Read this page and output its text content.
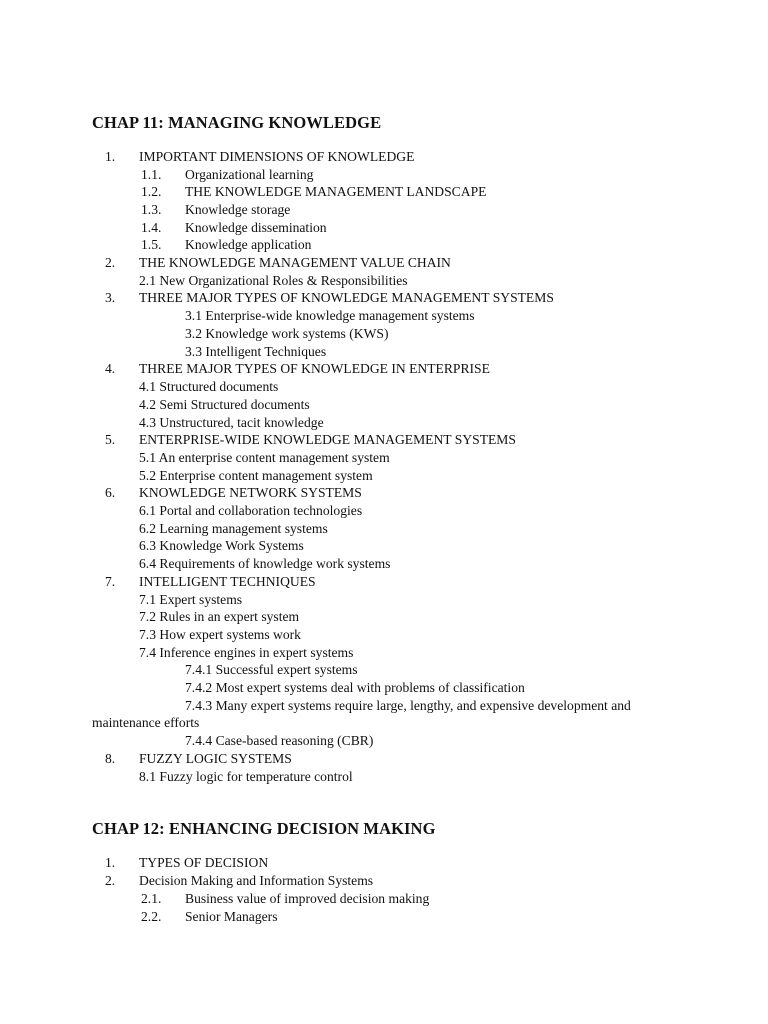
CHAP 11: MANAGING KNOWLEDGE
1. IMPORTANT DIMENSIONS OF KNOWLEDGE
1.1. Organizational learning
1.2. THE KNOWLEDGE MANAGEMENT LANDSCAPE
1.3. Knowledge storage
1.4. Knowledge dissemination
1.5. Knowledge application
2. THE KNOWLEDGE MANAGEMENT VALUE CHAIN
2.1 New Organizational Roles & Responsibilities
3. THREE MAJOR TYPES OF KNOWLEDGE MANAGEMENT SYSTEMS
3.1 Enterprise-wide knowledge management systems
3.2 Knowledge work systems (KWS)
3.3 Intelligent Techniques
4. THREE MAJOR TYPES OF KNOWLEDGE IN ENTERPRISE
4.1 Structured documents
4.2 Semi Structured documents
4.3 Unstructured, tacit knowledge
5. ENTERPRISE-WIDE KNOWLEDGE MANAGEMENT SYSTEMS
5.1 An enterprise content management system
5.2 Enterprise content management system
6. KNOWLEDGE NETWORK SYSTEMS
6.1 Portal and collaboration technologies
6.2 Learning management systems
6.3 Knowledge Work Systems
6.4 Requirements of knowledge work systems
7. INTELLIGENT TECHNIQUES
7.1 Expert systems
7.2 Rules in an expert system
7.3 How expert systems work
7.4 Inference engines in expert systems
7.4.1 Successful expert systems
7.4.2 Most expert systems deal with problems of classification
7.4.3 Many expert systems require large, lengthy, and expensive development and
maintenance efforts
7.4.4 Case-based reasoning (CBR)
8. FUZZY LOGIC SYSTEMS
8.1 Fuzzy logic for temperature control
CHAP 12: ENHANCING DECISION MAKING
1. TYPES OF DECISION
2. Decision Making and Information Systems
2.1. Business value of improved decision making
2.2. Senior Managers
